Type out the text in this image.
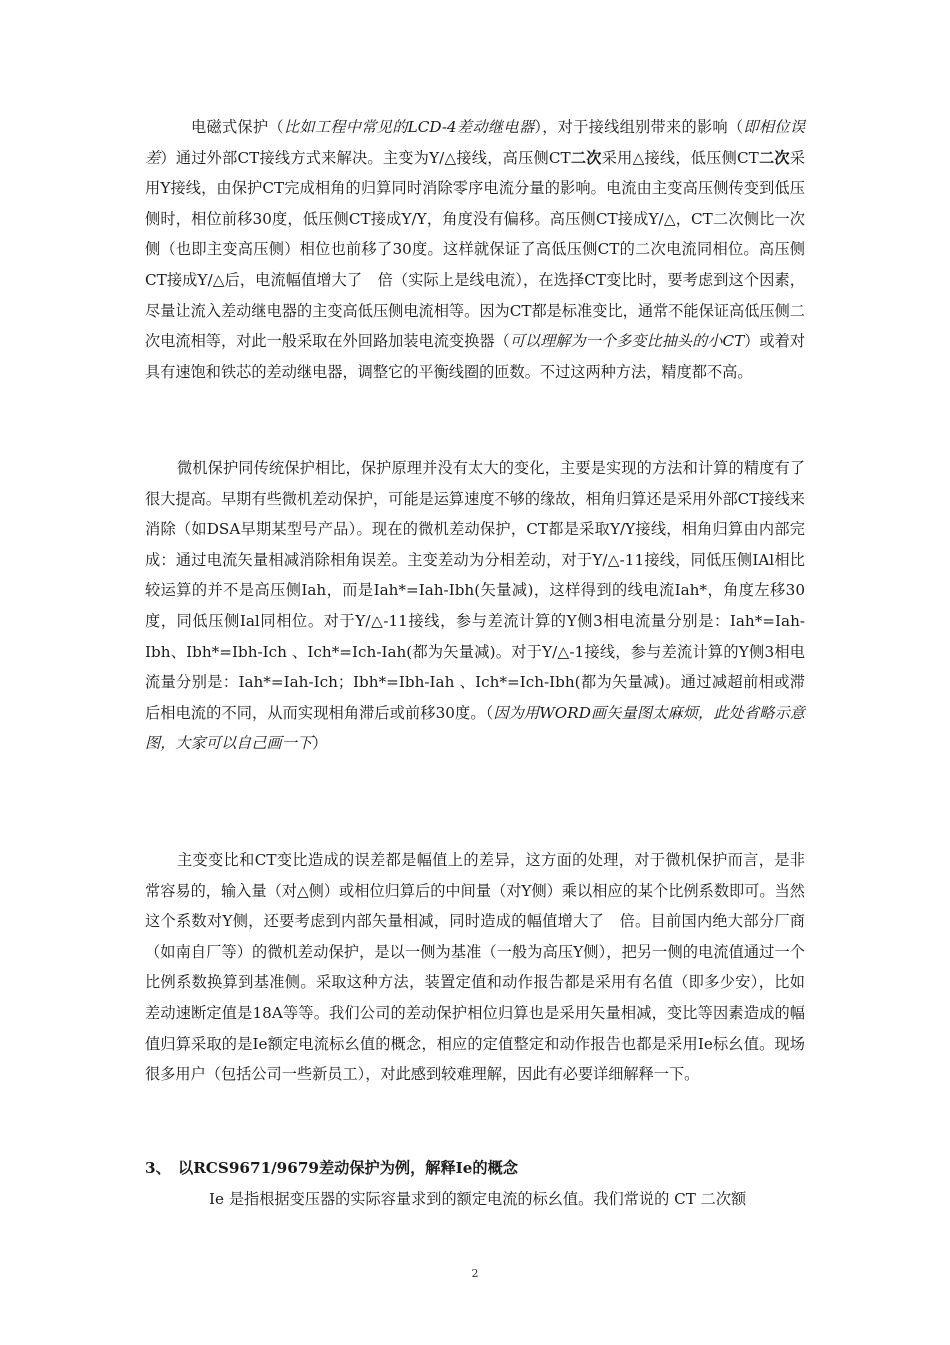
电磁式保护（比如工程中常见的LCD-4差动继电器），对于接线组别带来的影响（即相位误差）通过外部CT接线方式来解决。主变为Y/△接线，高压侧CT二次采用△接线，低压侧CT二次采用Y接线，由保护CT完成相角的归算同时消除零序电流分量的影响。电流由主变高压侧传变到低压侧时，相位前移30度，低压侧CT接成Y/Y，角度没有偏移。高压侧CT接成Y/△，CT二次侧比一次侧（也即主变高压侧）相位也前移了30度。这样就保证了高低压侧CT的二次电流同相位。高压侧CT接成Y/△后，电流幅值增大了　倍（实际上是线电流），在选择CT变比时，要考虑到这个因素，尽量让流入差动继电器的主变高低压侧电流相等。因为CT都是标准变比，通常不能保证高低压侧二次电流相等，对此一般采取在外回路加装电流变换器（可以理解为一个多变比抽头的小CT）或着对具有速饱和铁芯的差动继电器，调整它的平衡线圈的匝数。不过这两种方法，精度都不高。

微机保护同传统保护相比，保护原理并没有太大的变化，主要是实现的方法和计算的精度有了很大提高。早期有些微机差动保护，可能是运算速度不够的缘故，相角归算还是采用外部CT接线来消除（如DSA早期某型号产品）。现在的微机差动保护，CT都是采取Y/Y接线，相角归算由内部完成：通过电流矢量相减消除相角误差。主变差动为分相差动，对于Y/△-11接线，同低压侧IAl相比较运算的并不是高压侧Iah，而是Iah*=Iah-Ibh(矢量减)，这样得到的线电流Iah*，角度左移30度，同低压侧Ial同相位。对于Y/△-11接线，参与差流计算的Y侧3相电流量分别是：Iah*=Iah-Ibh、Ibh*=Ibh-Ich 、Ich*=Ich-Iah(都为矢量减)。对于Y/△-1接线，参与差流计算的Y侧3相电流量分别是：Iah*=Iah-Ich；Ibh*=Ibh-Iah 、Ich*=Ich-Ibh(都为矢量减)。通过减超前相或滞后相电流的不同，从而实现相角滞后或前移30度。（因为用WORD画矢量图太麻烦，此处省略示意图，大家可以自己画一下）

主变变比和CT变比造成的误差都是幅值上的差异，这方面的处理，对于微机保护而言，是非常容易的，输入量（对△侧）或相位归算后的中间量（对Y侧）乘以相应的某个比例系数即可。当然这个系数对Y侧，还要考虑到内部矢量相减，同时造成的幅值增大了　倍。目前国内绝大部分厂商（如南自厂等）的微机差动保护，是以一侧为基准（一般为高压Y侧），把另一侧的电流值通过一个比例系数换算到基准侧。采取这种方法，装置定值和动作报告都是采用有名值（即多少安），比如差动速断定值是18A等等。我们公司的差动保护相位归算也是采用矢量相减，变比等因素造成的幅值归算采取的是Ie额定电流标幺值的概念，相应的定值整定和动作报告也都是采用Ie标幺值。现场很多用户（包括公司一些新员工），对此感到较难理解，因此有必要详细解释一下。

3、 以RCS9671/9679差动保护为例，解释Ie的概念

Ie 是指根据变压器的实际容量求到的额定电流的标幺值。我们常说的 CT 二次额

2
